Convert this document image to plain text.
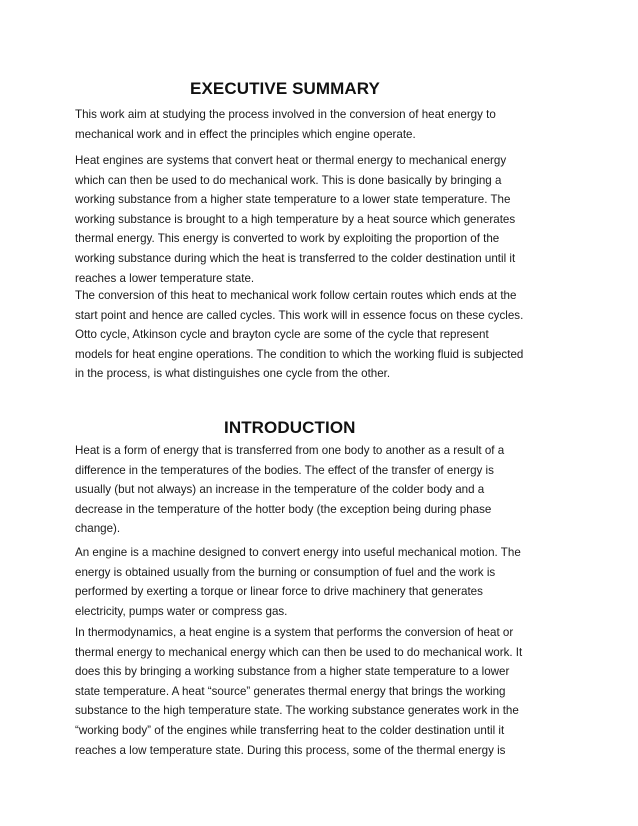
EXECUTIVE SUMMARY
This work aim at studying the process involved in the conversion of heat energy to
mechanical work and in effect the principles which engine operate.
Heat engines are systems that convert heat or thermal energy to mechanical energy
which can then be used to do mechanical work. This is done basically by bringing a
working substance from a higher state temperature to a lower state temperature. The
working substance is brought to a high temperature by a heat source which generates
thermal energy. This energy is converted to work by exploiting the proportion of the
working substance during which the heat is transferred to the colder destination until it
reaches a lower temperature state.
The conversion of this heat to mechanical work follow certain routes which ends at the
start point and hence are called cycles. This work will in essence focus on these cycles.
Otto cycle, Atkinson cycle and brayton cycle are some of the cycle that represent
models for heat engine operations. The condition to which the working fluid is subjected
in the process, is what distinguishes one cycle from the other.
INTRODUCTION
Heat is a form of energy that is transferred from one body to another as a result of a
difference in the temperatures of the bodies. The effect of the transfer of energy is
usually (but not always) an increase in the temperature of the colder body and a
decrease in the temperature of the hotter body (the exception being during phase
change).
An engine is a machine designed to convert energy into useful mechanical motion. The
energy is obtained usually from the burning or consumption of fuel and the work is
performed by exerting a torque or linear force to drive machinery that generates
electricity, pumps water or compress gas.
In thermodynamics, a heat engine is a system that performs the conversion of heat or
thermal energy to mechanical energy which can then be used to do mechanical work. It
does this by bringing a working substance from a higher state temperature to a lower
state temperature. A heat “source” generates thermal energy that brings the working
substance to the high temperature state. The working substance generates work in the
“working body” of the engines while transferring heat to the colder destination until it
reaches a low temperature state. During this process, some of the thermal energy is
